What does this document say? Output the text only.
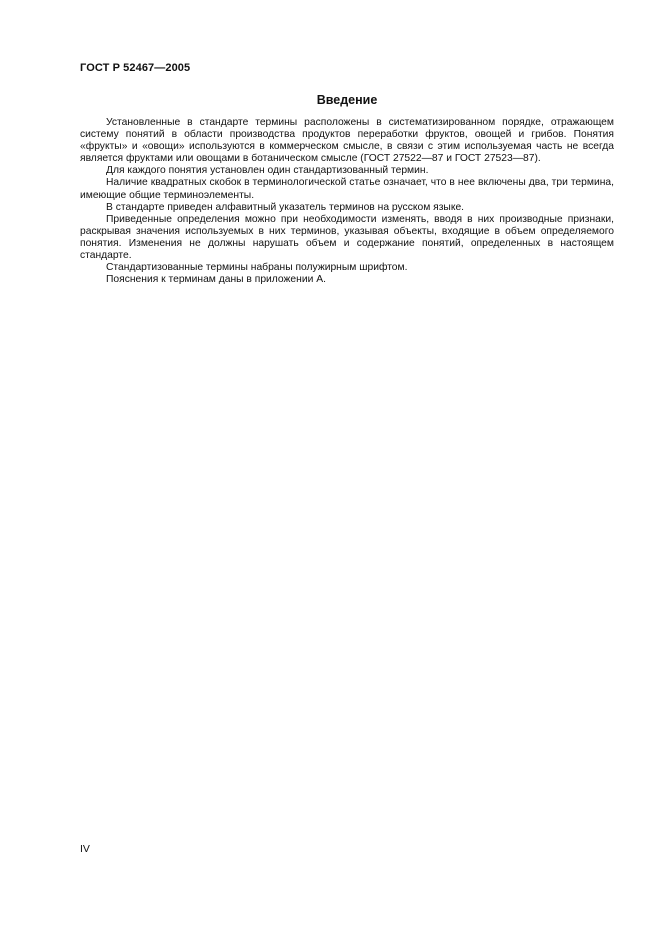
ГОСТ Р 52467—2005
Введение

Установленные в стандарте термины расположены в систематизированном порядке, отражающем систему понятий в области производства продуктов переработки фруктов, овощей и грибов. Понятия «фрукты» и «овощи» используются в коммерческом смысле, в связи с этим используемая часть не всегда является фруктами или овощами в ботаническом смысле (ГОСТ 27522—87 и ГОСТ 27523—87).

Для каждого понятия установлен один стандартизованный термин.

Наличие квадратных скобок в терминологической статье означает, что в нее включены два, три термина, имеющие общие терминоэлементы.

В стандарте приведен алфавитный указатель терминов на русском языке.

Приведенные определения можно при необходимости изменять, вводя в них производные признаки, раскрывая значения используемых в них терминов, указывая объекты, входящие в объем определяемого понятия. Изменения не должны нарушать объем и содержание понятий, определенных в настоящем стандарте.

Стандартизованные термины набраны полужирным шрифтом.

Пояснения к терминам даны в приложении А.

IV
